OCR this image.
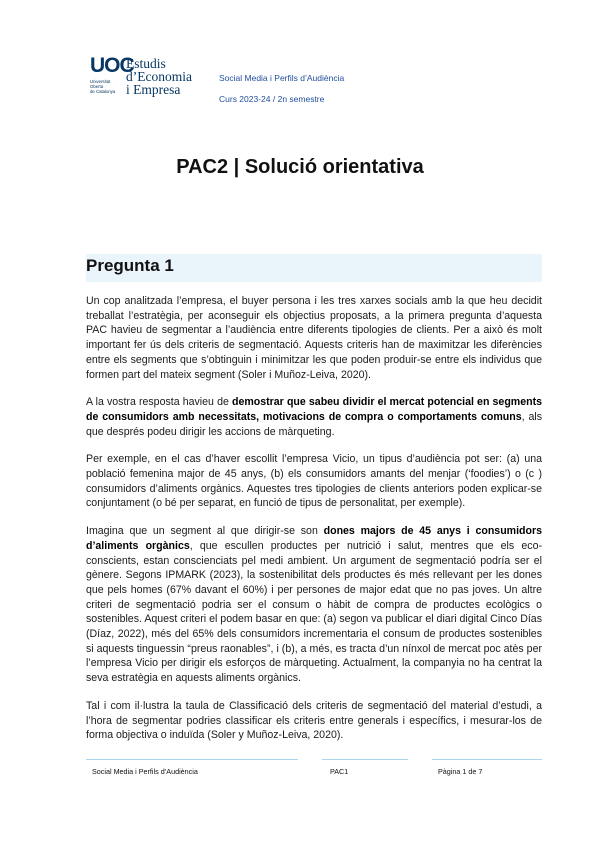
UOC
Universitat
Oberta
de Catalunya
Estudis
d’Economia
i Empresa
Social Media i Perfils d’Audiència
Curs 2023-24 / 2n semestre
PAC2 | Solució orientativa
Pregunta 1

Un cop analitzada l’empresa, el buyer persona i les tres xarxes socials amb la que heu decidit treballat l’estratègia, per aconseguir els objectius proposats, a la primera pregunta d’aquesta PAC havieu de segmentar a l’audiència entre diferents tipologies de clients. Per a això és molt important fer ús dels criteris de segmentació. Aquests criteris han de maximitzar les diferències entre els segments que s’obtinguin i minimitzar les que poden produir-se entre els individus que formen part del mateix segment (Soler i Muñoz-Leiva, 2020).

A la vostra resposta havieu de demostrar que sabeu dividir el mercat potencial en segments de consumidors amb necessitats, motivacions de compra o comportaments comuns, als que després podeu dirigir les accions de màrqueting.

Per exemple, en el cas d’haver escollit l’empresa Vicio, un tipus d’audiència pot ser: (a) una població femenina major de 45 anys, (b) els consumidors amants del menjar (‘foodies’) o (c ) consumidors d’aliments orgànics. Aquestes tres tipologies de clients anteriors poden explicar-se conjuntament (o bé per separat, en funció de tipus de personalitat, per exemple).

Imagina que un segment al que dirigir-se son dones majors de 45 anys i consumidors d’aliments orgànics, que escullen productes per nutrició i salut, mentres que els eco-conscients, estan conscienciats pel medi ambient. Un argument de segmentació podría ser el gènere. Segons IPMARK (2023), la sostenibilitat dels productes és més rellevant per les dones que pels homes (67% davant el 60%) i per persones de major edat que no pas joves. Un altre criteri de segmentació podria ser el consum o hàbit de compra de productes ecològics o sostenibles. Aquest criteri el podem basar en que: (a) segon va publicar el diari digital Cinco Días (Díaz, 2022), més del 65% dels consumidors incrementaria el consum de productes sostenibles si aquests tinguessin “preus raonables”, i (b), a més, es tracta d’un nínxol de mercat poc atès per l’empresa Vicio per dirigir els esforços de màrqueting. Actualment, la companyia no ha centrat la seva estratègia en aquests aliments orgànics.

Tal i com il·lustra la taula de Classificació dels criteris de segmentació del material d’estudi, a l’hora de segmentar podries classificar els criteris entre generals i específics, i mesurar-los de forma objectiva o induïda (Soler y Muñoz-Leiva, 2020).

Social Media i Perfils d’Audiència	PAC1	Pàgina 1 de 7
